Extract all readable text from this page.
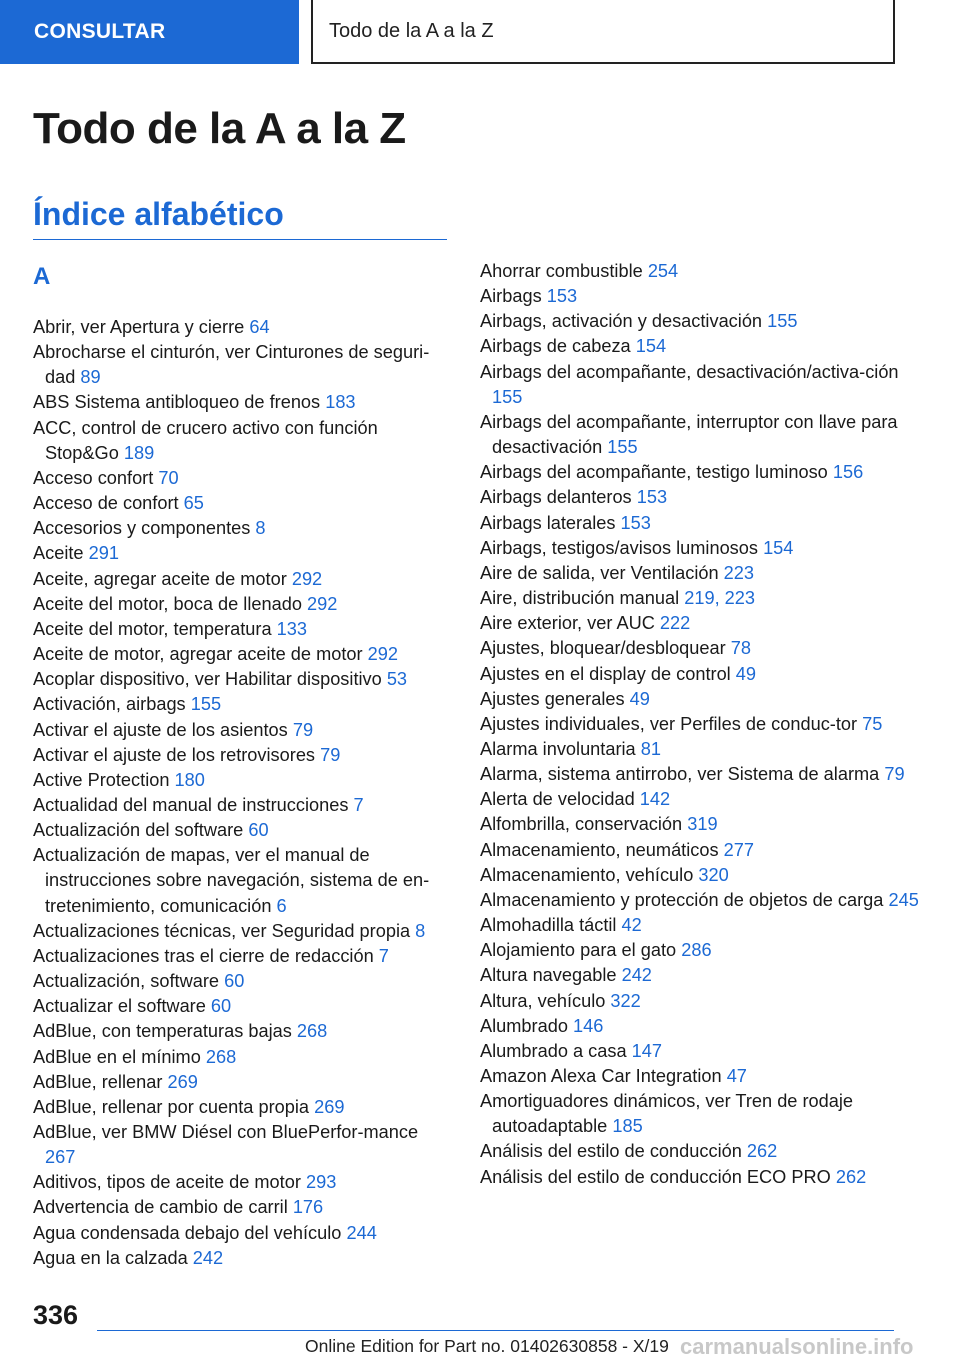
CONSULTAR	Todo de la A a la Z
Todo de la A a la Z
Índice alfabético
A
Abrir, ver Apertura y cierre 64
Abrocharse el cinturón, ver Cinturones de seguri‐dad 89
ABS Sistema antibloqueo de frenos 183
ACC, control de crucero activo con función Stop&Go 189
Acceso confort 70
Acceso de confort 65
Accesorios y componentes 8
Aceite 291
Aceite, agregar aceite de motor 292
Aceite del motor, boca de llenado 292
Aceite del motor, temperatura 133
Aceite de motor, agregar aceite de motor 292
Acoplar dispositivo, ver Habilitar dispositivo 53
Activación, airbags 155
Activar el ajuste de los asientos 79
Activar el ajuste de los retrovisores 79
Active Protection 180
Actualidad del manual de instrucciones 7
Actualización del software 60
Actualización de mapas, ver el manual de instrucciones sobre navegación, sistema de en‐tretenimiento, comunicación 6
Actualizaciones técnicas, ver Seguridad propia 8
Actualizaciones tras el cierre de redacción 7
Actualización, software 60
Actualizar el software 60
AdBlue, con temperaturas bajas 268
AdBlue en el mínimo 268
AdBlue, rellenar 269
AdBlue, rellenar por cuenta propia 269
AdBlue, ver BMW Diésel con BluePerfor‐mance 267
Aditivos, tipos de aceite de motor 293
Advertencia de cambio de carril 176
Agua condensada debajo del vehículo 244
Agua en la calzada 242
Ahorrar combustible 254
Airbags 153
Airbags, activación y desactivación 155
Airbags de cabeza 154
Airbags del acompañante, desactivación/activa‐ción 155
Airbags del acompañante, interruptor con llave para desactivación 155
Airbags del acompañante, testigo luminoso 156
Airbags delanteros 153
Airbags laterales 153
Airbags, testigos/avisos luminosos 154
Aire de salida, ver Ventilación 223
Aire, distribución manual 219, 223
Aire exterior, ver AUC 222
Ajustes, bloquear/desbloquear 78
Ajustes en el display de control 49
Ajustes generales 49
Ajustes individuales, ver Perfiles de conduc‐tor 75
Alarma involuntaria 81
Alarma, sistema antirrobo, ver Sistema de alarma 79
Alerta de velocidad 142
Alfombrilla, conservación 319
Almacenamiento, neumáticos 277
Almacenamiento, vehículo 320
Almacenamiento y protección de objetos de carga 245
Almohadilla táctil 42
Alojamiento para el gato 286
Altura navegable 242
Altura, vehículo 322
Alumbrado 146
Alumbrado a casa 147
Amazon Alexa Car Integration 47
Amortiguadores dinámicos, ver Tren de rodaje autoadaptable 185
Análisis del estilo de conducción 262
Análisis del estilo de conducción ECO PRO 262
336
Online Edition for Part no. 01402630858 - X/19 carmanualsonline.info
